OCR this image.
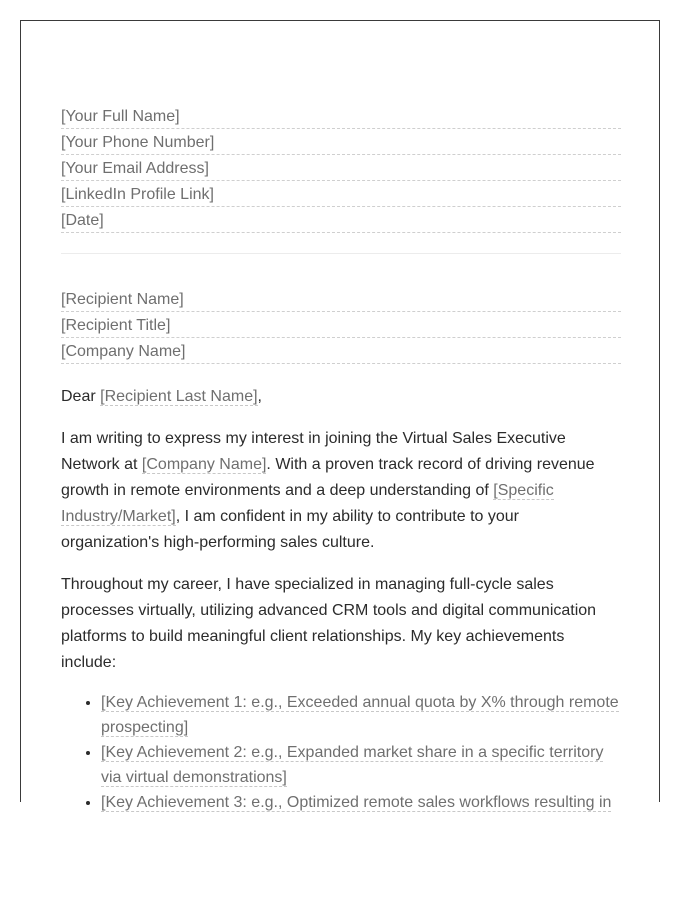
[Your Full Name]
[Your Phone Number]
[Your Email Address]
[LinkedIn Profile Link]
[Date]
[Recipient Name]
[Recipient Title]
[Company Name]
Dear [Recipient Last Name],

I am writing to express my interest in joining the Virtual Sales Executive Network at [Company Name]. With a proven track record of driving revenue growth in remote environments and a deep understanding of [Specific Industry/Market], I am confident in my ability to contribute to your organization's high-performing sales culture.

Throughout my career, I have specialized in managing full-cycle sales processes virtually, utilizing advanced CRM tools and digital communication platforms to build meaningful client relationships. My key achievements include:

• [Key Achievement 1: e.g., Exceeded annual quota by X% through remote prospecting]
• [Key Achievement 2: e.g., Expanded market share in a specific territory via virtual demonstrations]
• [Key Achievement 3: e.g., Optimized remote sales workflows resulting in
